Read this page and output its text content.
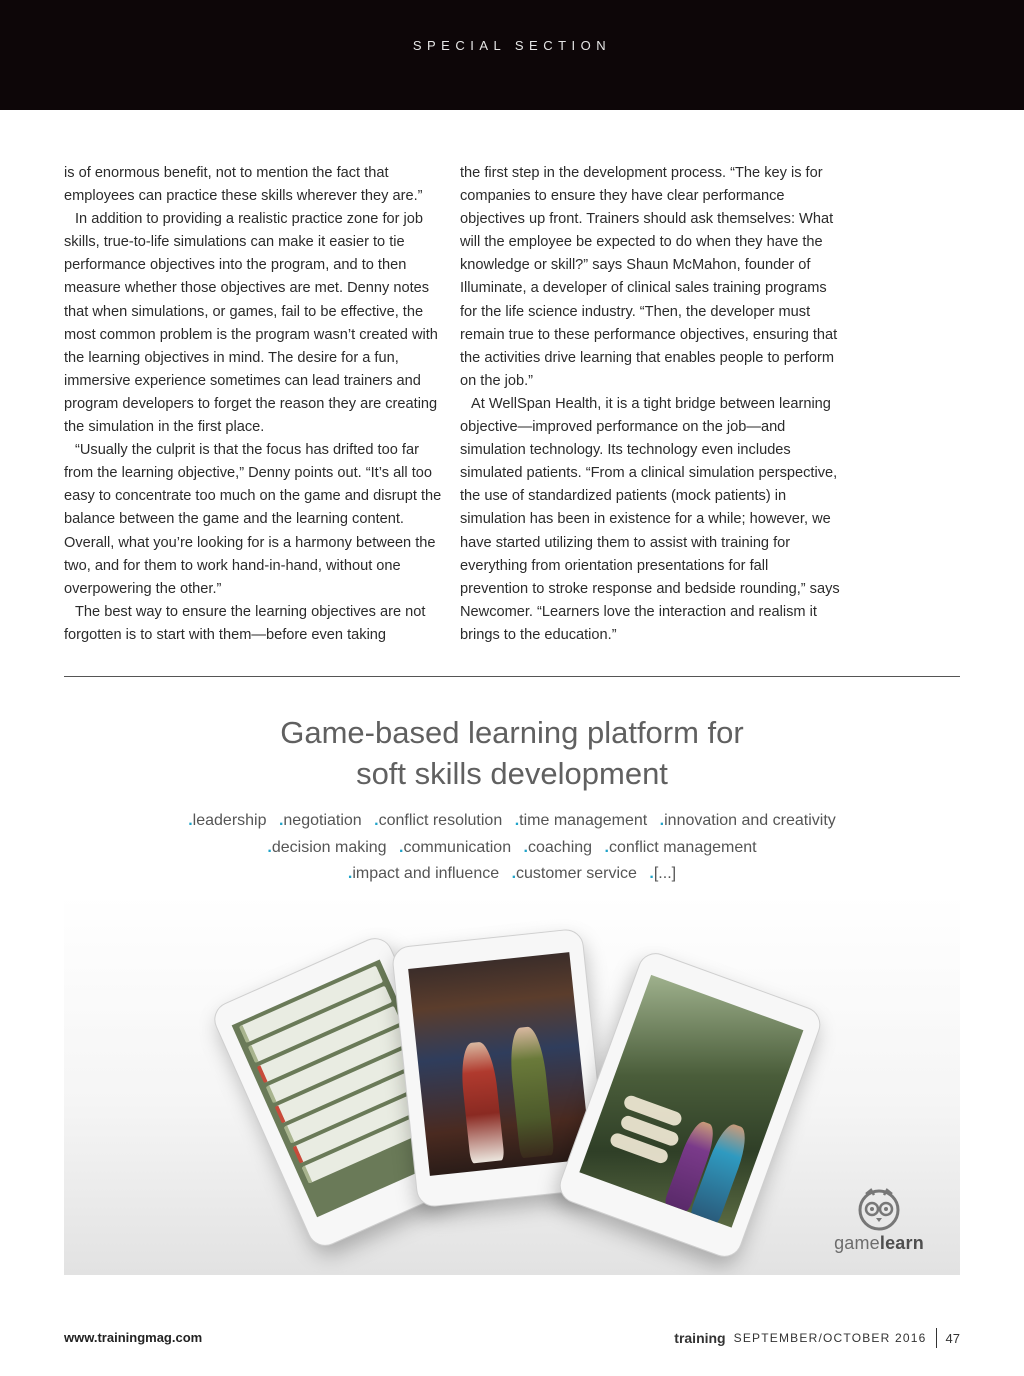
SPECIAL SECTION

is of enormous benefit, not to mention the fact that employees can practice these skills wherever they are.”

In addition to providing a realistic practice zone for job skills, true-to-life simulations can make it easier to tie performance objectives into the program, and to then measure whether those objectives are met. Denny notes that when simulations, or games, fail to be effective, the most common problem is the program wasn’t created with the learning objectives in mind. The desire for a fun, immersive experience sometimes can lead trainers and program developers to forget the reason they are creating the simulation in the first place.

“Usually the culprit is that the focus has drifted too far from the learning objective,” Denny points out. “It’s all too easy to concentrate too much on the game and disrupt the balance between the game and the learning content. Overall, what you’re looking for is a harmony between the two, and for them to work hand-in-hand, without one overpowering the other.”

The best way to ensure the learning objectives are not forgotten is to start with them—before even taking

the first step in the development process. “The key is for companies to ensure they have clear performance objectives up front. Trainers should ask themselves: What will the employee be expected to do when they have the knowledge or skill?” says Shaun McMahon, founder of Illuminate, a developer of clinical sales training programs for the life science industry. “Then, the developer must remain true to these performance objectives, ensuring that the activities drive learning that enables people to perform on the job.”

At WellSpan Health, it is a tight bridge between learning objective—improved performance on the job—and simulation technology. Its technology even includes simulated patients. “From a clinical simulation perspective, the use of standardized patients (mock patients) in simulation has been in existence for a while; however, we have started utilizing them to assist with training for everything from orientation presentations for fall prevention to stroke response and bedside rounding,” says Newcomer. “Learners love the interaction and realism it brings to the education.”

Game-based learning platform for
soft skills development
.leadership .negotiation .conflict resolution .time management .innovation and creativity
.decision making .communication .coaching .conflict management
.impact and influence .customer service .[...]
gamelearn
www.trainingmag.com	training SEPTEMBER/OCTOBER 2016 47
